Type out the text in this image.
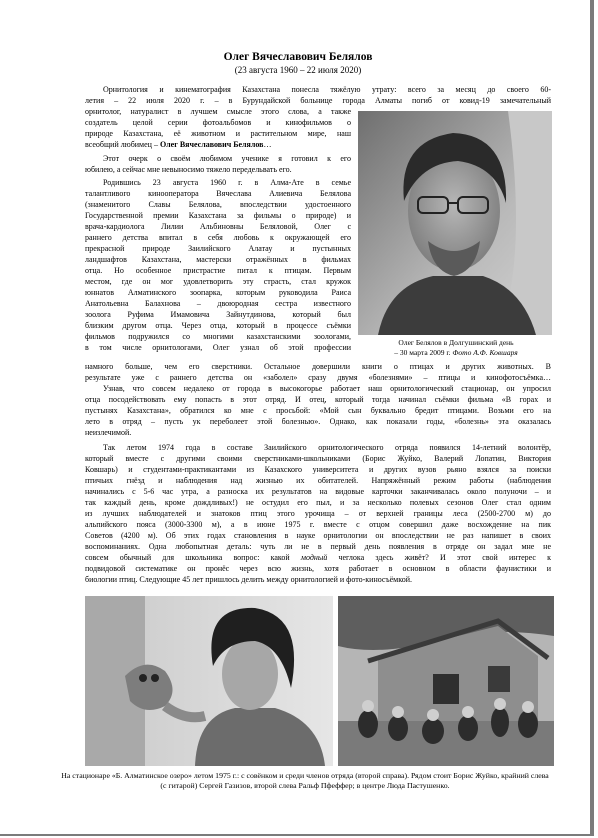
Олег Вячеславович Белялов
(23 августа 1960 – 22 июля 2020)
Орнитология и кинематография Казахстана понесла тяжёлую утрату: всего за месяц до своего 60-
летия – 22 июля 2020 г. – в Бурундайской больнице города Алматы погиб от ковид-19 замечательный
орнитолог, натуралист в лучшем смысле этого слова, а также
создатель целой серии фотоальбомов и кинофильмов о
природе Казахстана, её животном и растительном мире, наш
всеобщий любимец – Олег Вячеславович Белялов…
Этот очерк о своём любимом ученике я готовил к его
юбилею, а сейчас мне невыносимо тяжело передельвать его.
Родившись 23 августа 1960 г. в Алма-Ате в семье
талантливого кинооператора Вячеслава Алиевича Белялова
(знаменитого Славы Белялова, впоследствии удостоенного
Государственной премии Казахстана за фильмы о природе) и
врача-кардиолога Лилии Альбиновны Беляловой, Олег с
раннего детства впитал в себя любовь к окружающей его
прекрасной природе Заилийского Алатау и пустынных
ландшафтов Казахстана, мастерски отражённых в фильмах
отца. Но особенное пристрастие питал к птицам. Первым
местом, где он мог удовлетворить эту страсть, стал кружок
юннатов Алматинского зоопарка, которым руководила Раиса
Анатольевна Балахнова – двоюродная сестра известного
зоолога Руфима Имамовича Зайнутдинова, который был
близким другом отца. Через отца, который в процессе съёмки
фильмов подружился со многими казахстанскими зоологами,
в том числе орнитологами, Олег узнал об этой профессии
Олег Белялов в Долгушинский день
– 30 марта 2009 г. Фото А.Ф. Ковшаря
намного больше, чем его сверстники. Остальное довершили книги о птицах и других животных. В
результате уже с раннего детства он «заболел» сразу двумя «болезнями» – птицы и кинофотосъёмка…
Узнав, что совсем недалеко от города в высокогорье работает наш орнитологический стационар, он упросил
отца посодействовать ему попасть в этот отряд. И отец, который тогда начинал съёмки фильма «В горах и
пустынях Казахстана», обратился ко мне с просьбой: «Мой сын буквально бредит птицами. Возьми его на
лето в отряд – пусть ук переболеет этой болезнью». Однако, как показали годы, «болезнь» эта оказалась
неизлечимой.
Так летом 1974 года в составе Заилийского орнитологического отряда появился 14-летний волонтёр,
который вместе с другими своими сверстниками-школьниками (Борис Жуйко, Валерий Лопатин, Виктория
Ковшарь) и студентами-практикантами из Казахского университета и других вузов рьяно взялся за поиски
птичьих гнёзд и наблюдения над жизнью их обитателей. Напряжённый режим работы (наблюдения
начинались с 5-6 час утра, а разноска их результатов на видовые карточки заканчивалась около полуночи – и
так каждый день, кроме дождливых!) не остудил его пыл, и за несколько полевых сезонов Олег стал одним
из лучших наблюдателей и знатоков птиц этого урочища – от верхней границы леса (2500-2700 м) до
альпийского пояса (3000-3300 м), а в июне 1975 г. вместе с отцом совершил даже восхождение на пик
Советов (4200 м). Об этих годах становления в науке орнитологии он впоследствии не раз напишет в своих
воспоминаниях. Одна любопытная деталь: чуть ли не в первый день появления в отряде он задал мне не
совсем обычный для школьника вопрос: какой модный чеглока здесь живёт? И этот свой интерес к
подвидовой систематике он пронёс через всю жизнь, хотя работает в основном в области фаунистики и
биологии птиц. Следующие 45 лет пришлось делить между орнитологией и фото-киносъёмкой.
На стационаре «Б. Алматинское озеро» летом 1975 г.: с совёнком и среди членов отряда (второй справа). Рядом стоит Борис Жуйко, крайний слева (с гитарой) Сергей Газизов, второй слева Ральф Пфеффер; в центре Люда Пастушенко.
